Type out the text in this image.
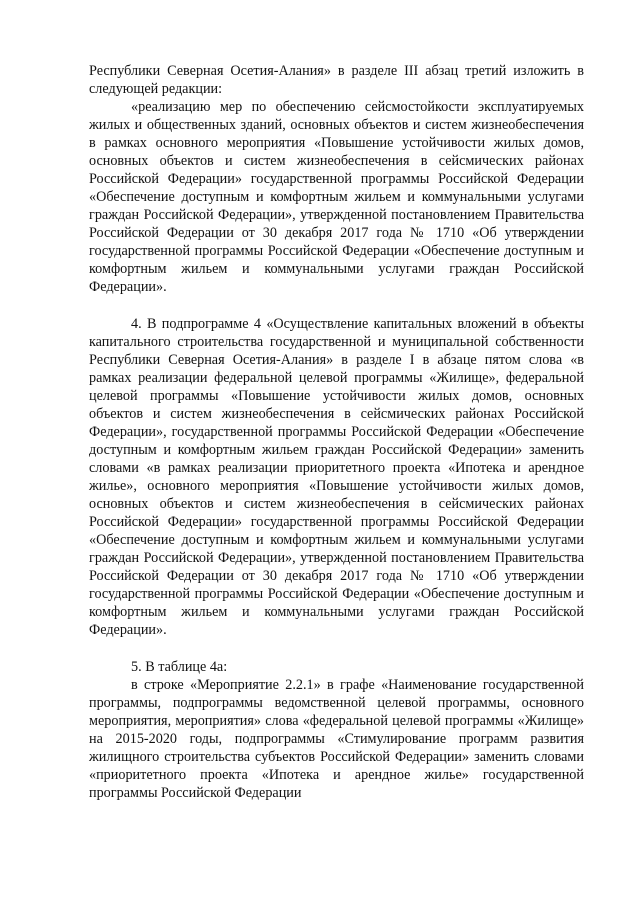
Республики Северная Осетия-Алания» в разделе III абзац третий изложить в следующей редакции:

«реализацию мер по обеспечению сейсмостойкости эксплуатируемых жилых и общественных зданий, основных объектов и систем жизнеобеспечения в рамках основного мероприятия «Повышение устойчивости жилых домов, основных объектов и систем жизнеобеспечения в сейсмических районах Российской Федерации» государственной программы Российской Федерации «Обеспечение доступным и комфортным жильем и коммунальными услугами граждан Российской Федерации», утвержденной постановлением Правительства Российской Федерации от 30 декабря 2017 года № 1710 «Об утверждении государственной программы Российской Федерации «Обеспечение доступным и комфортным жильем и коммунальными услугами граждан Российской Федерации».

4. В подпрограмме 4 «Осуществление капитальных вложений в объекты капитального строительства государственной и муниципальной собственности Республики Северная Осетия-Алания» в разделе I в абзаце пятом слова «в рамках реализации федеральной целевой программы «Жилище», федеральной целевой программы «Повышение устойчивости жилых домов, основных объектов и систем жизнеобеспечения в сейсмических районах Российской Федерации», государственной программы Российской Федерации «Обеспечение доступным и комфортным жильем граждан Российской Федерации» заменить словами «в рамках реализации приоритетного проекта «Ипотека и арендное жилье», основного мероприятия «Повышение устойчивости жилых домов, основных объектов и систем жизнеобеспечения в сейсмических районах Российской Федерации» государственной программы Российской Федерации «Обеспечение доступным и комфортным жильем и коммунальными услугами граждан Российской Федерации», утвержденной постановлением Правительства Российской Федерации от 30 декабря 2017 года № 1710 «Об утверждении государственной программы Российской Федерации «Обеспечение доступным и комфортным жильем и коммунальными услугами граждан Российской Федерации».

5. В таблице 4а:

в строке «Мероприятие 2.2.1» в графе «Наименование государственной программы, подпрограммы ведомственной целевой программы, основного мероприятия, мероприятия» слова «федеральной целевой программы «Жилище» на 2015-2020 годы, подпрограммы «Стимулирование программ развития жилищного строительства субъектов Российской Федерации» заменить словами «приоритетного проекта «Ипотека и арендное жилье» государственной программы Российской Федерации
